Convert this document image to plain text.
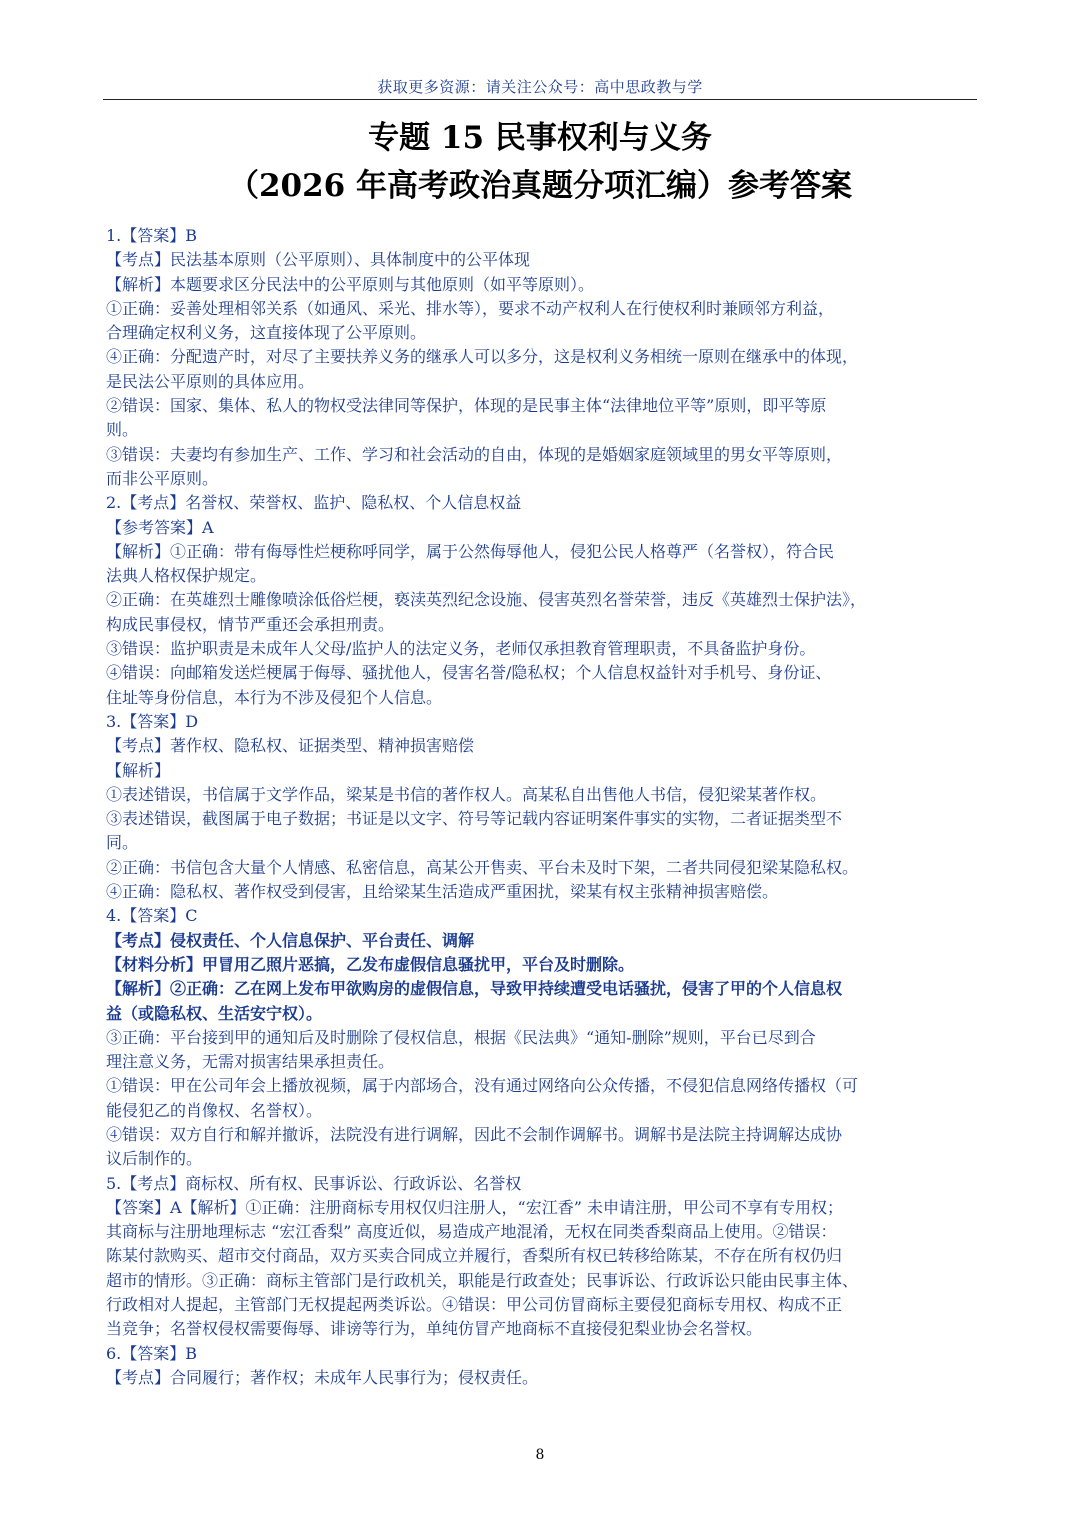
获取更多资源：请关注公众号：高中思政教与学
专题 15 民事权利与义务
（2026 年高考政治真题分项汇编）参考答案
1.【答案】B
【考点】民法基本原则（公平原则）、具体制度中的公平体现
【解析】本题要求区分民法中的公平原则与其他原则（如平等原则）。
①正确：妥善处理相邻关系（如通风、采光、排水等），要求不动产权利人在行使权利时兼顾邻方利益，
合理确定权利义务，这直接体现了公平原则。
④正确：分配遗产时，对尽了主要扶养义务的继承人可以多分，这是权利义务相统一原则在继承中的体现，
是民法公平原则的具体应用。
②错误：国家、集体、私人的物权受法律同等保护，体现的是民事主体“法律地位平等”原则，即平等原
则。
③错误：夫妻均有参加生产、工作、学习和社会活动的自由，体现的是婚姻家庭领域里的男女平等原则，
而非公平原则。
2.【考点】名誉权、荣誉权、监护、隐私权、个人信息权益
【参考答案】A
【解析】①正确：带有侮辱性烂梗称呼同学，属于公然侮辱他人，侵犯公民人格尊严（名誉权），符合民
法典人格权保护规定。
②正确：在英雄烈士雕像喷涂低俗烂梗，亵渎英烈纪念设施、侵害英烈名誉荣誉，违反《英雄烈士保护法》，
构成民事侵权，情节严重还会承担刑责。
③错误：监护职责是未成年人父母/监护人的法定义务，老师仅承担教育管理职责，不具备监护身份。
④错误：向邮箱发送烂梗属于侮辱、骚扰他人，侵害名誉/隐私权；个人信息权益针对手机号、身份证、
住址等身份信息，本行为不涉及侵犯个人信息。
3.【答案】D
【考点】著作权、隐私权、证据类型、精神损害赔偿
【解析】
①表述错误，书信属于文学作品，梁某是书信的著作权人。高某私自出售他人书信，侵犯梁某著作权。
③表述错误，截图属于电子数据；书证是以文字、符号等记载内容证明案件事实的实物，二者证据类型不
同。
②正确：书信包含大量个人情感、私密信息，高某公开售卖、平台未及时下架，二者共同侵犯梁某隐私权。
④正确：隐私权、著作权受到侵害，且给梁某生活造成严重困扰，梁某有权主张精神损害赔偿。
4.【答案】C
【考点】侵权责任、个人信息保护、平台责任、调解
【材料分析】甲冒用乙照片恶搞，乙发布虚假信息骚扰甲，平台及时删除。
【解析】②正确：乙在网上发布甲欲购房的虚假信息，导致甲持续遭受电话骚扰，侵害了甲的个人信息权
益（或隐私权、生活安宁权）。
③正确：平台接到甲的通知后及时删除了侵权信息，根据《民法典》“通知-删除”规则，平台已尽到合
理注意义务，无需对损害结果承担责任。
①错误：甲在公司年会上播放视频，属于内部场合，没有通过网络向公众传播，不侵犯信息网络传播权（可
能侵犯乙的肖像权、名誉权）。
④错误：双方自行和解并撤诉，法院没有进行调解，因此不会制作调解书。调解书是法院主持调解达成协
议后制作的。
5.【考点】商标权、所有权、民事诉讼、行政诉讼、名誉权
【答案】A【解析】①正确：注册商标专用权仅归注册人，“宏江香” 未申请注册，甲公司不享有专用权；
其商标与注册地理标志 “宏江香梨” 高度近似，易造成产地混淆，无权在同类香梨商品上使用。②错误：
陈某付款购买、超市交付商品，双方买卖合同成立并履行，香梨所有权已转移给陈某，不存在所有权仍归
超市的情形。③正确：商标主管部门是行政机关，职能是行政查处；民事诉讼、行政诉讼只能由民事主体、
行政相对人提起，主管部门无权提起两类诉讼。④错误：甲公司仿冒商标主要侵犯商标专用权、构成不正
当竞争；名誉权侵权需要侮辱、诽谤等行为，单纯仿冒产地商标不直接侵犯梨业协会名誉权。
6.【答案】B
【考点】合同履行；著作权；未成年人民事行为；侵权责任。
8
